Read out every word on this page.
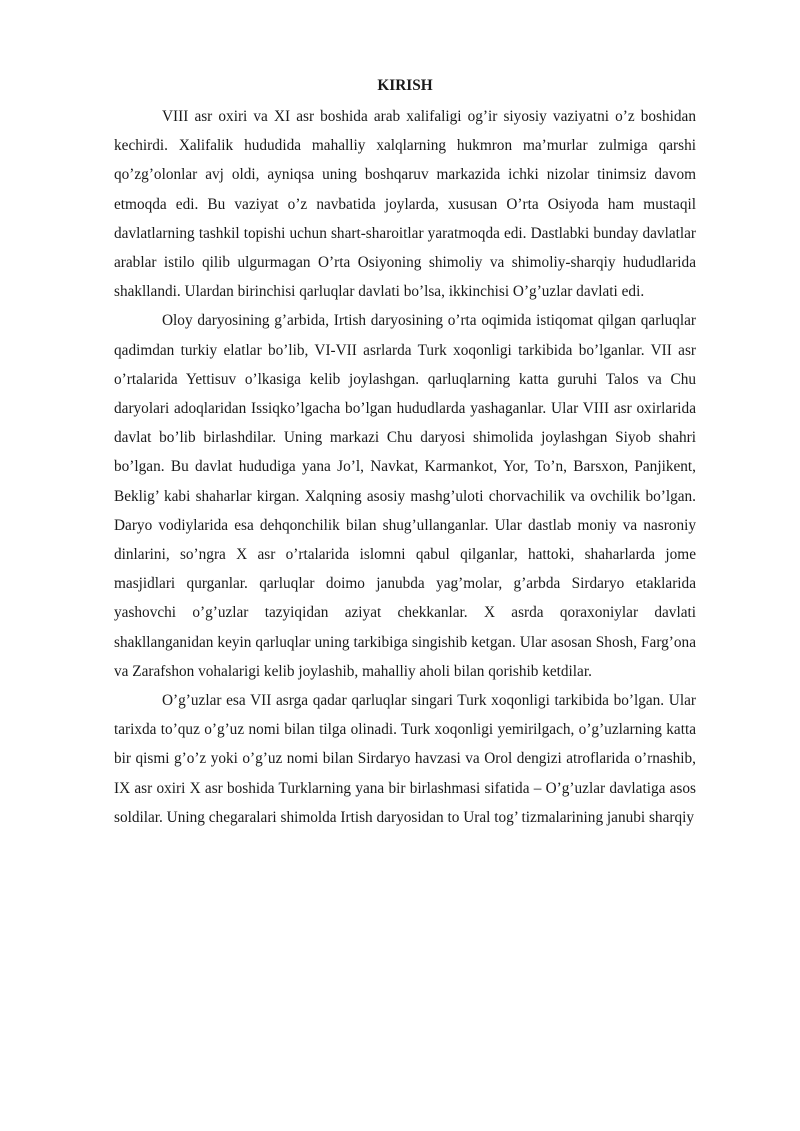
KIRISH

VIII asr oxiri va XI asr boshida arab xalifaligi og’ir siyosiy vaziyatni o’z boshidan kechirdi. Xalifalik hududida mahalliy xalqlarning hukmron ma’murlar zulmiga qarshi qo’zg’olonlar avj oldi, ayniqsa uning boshqaruv markazida ichki nizolar tinimsiz davom etmoqda edi. Bu vaziyat o’z navbatida joylarda, xususan O’rta Osiyoda ham mustaqil davlatlarning tashkil topishi uchun shart-sharoitlar yaratmoqda edi. Dastlabki bunday davlatlar arablar istilo qilib ulgurmagan O’rta Osiyoning shimoliy va shimoliy-sharqiy hududlarida shakllandi. Ulardan birinchisi qarluqlar davlati bo’lsa, ikkinchisi O’g’uzlar davlati edi.

Oloy daryosining g’arbida, Irtish daryosining o’rta oqimida istiqomat qilgan qarluqlar qadimdan turkiy elatlar bo’lib, VI-VII asrlarda Turk xoqonligi tarkibida bo’lganlar. VII asr o’rtalarida Yettisuv o’lkasiga kelib joylashgan. qarluqlarning katta guruhi Talos va Chu daryolari adoqlaridan Issiqko’lgacha bo’lgan hududlarda yashaganlar. Ular VIII asr oxirlarida davlat bo’lib birlashdilar. Uning markazi Chu daryosi shimolida joylashgan Siyob shahri bo’lgan. Bu davlat hududiga yana Jo’l, Navkat, Karmankot, Yor, To’n, Barsxon, Panjikent, Beklig’ kabi shaharlar kirgan. Xalqning asosiy mashg’uloti chorvachilik va ovchilik bo’lgan. Daryo vodiylarida esa dehqonchilik bilan shug’ullanganlar. Ular dastlab moniy va nasroniy dinlarini, so’ngra X asr o’rtalarida islomni qabul qilganlar, hattoki, shaharlarda jome masjidlari qurganlar. qarluqlar doimo janubda yag’molar, g’arbda Sirdaryo etaklarida yashovchi o’g’uzlar tazyiqidan aziyat chekkanlar. X asrda qoraxoniylar davlati shakllanganidan keyin qarluqlar uning tarkibiga singishib ketgan. Ular asosan Shosh, Farg’ona va Zarafshon vohalarigi kelib joylashib, mahalliy aholi bilan qorishib ketdilar.

O’g’uzlar esa VII asrga qadar qarluqlar singari Turk xoqonligi tarkibida bo’lgan. Ular tarixda to’quz o’g’uz nomi bilan tilga olinadi. Turk xoqonligi yemirilgach, o’g’uzlarning katta bir qismi g’o’z yoki o’g’uz nomi bilan Sirdaryo havzasi va Orol dengizi atroflarida o’rnashib, IX asr oxiri X asr boshida Turklarning yana bir birlashmasi sifatida – O’g’uzlar davlatiga asos soldilar. Uning chegaralari shimolda Irtish daryosidan to Ural tog’ tizmalarining janubi sharqiy
